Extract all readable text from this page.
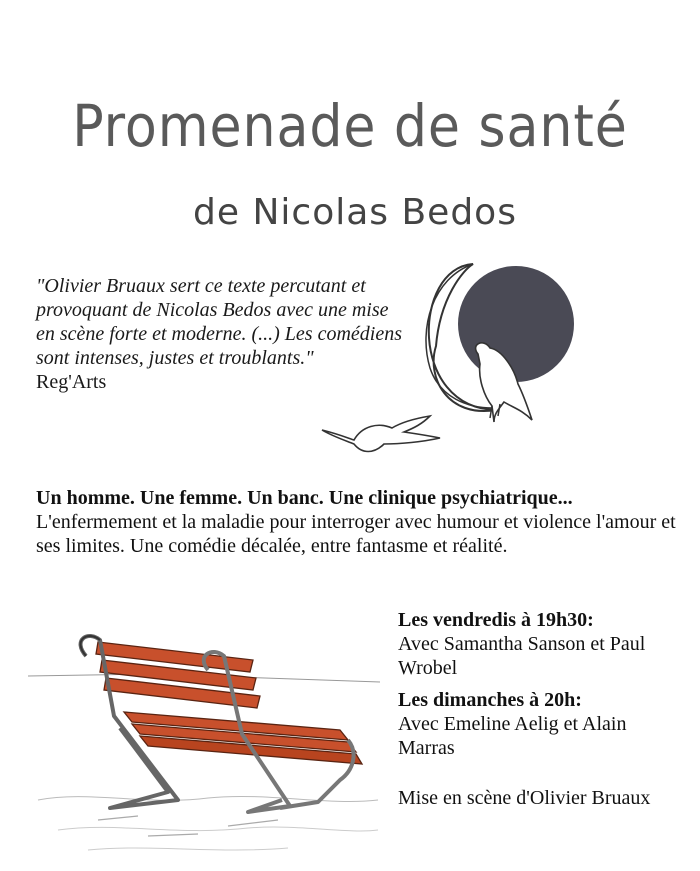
Promenade de santé
de Nicolas Bedos
"Olivier Bruaux sert ce texte percutant et provoquant de Nicolas Bedos avec une mise en scène forte et moderne. (...) Les comédiens sont intenses, justes et troublants."
Reg'Arts
Un homme. Une femme. Un banc. Une clinique psychiatrique...
L'enfermement et la maladie pour interroger avec humour et violence l'amour et ses limites. Une comédie décalée, entre fantasme et réalité.
Les vendredis à 19h30:
Avec Samantha Sanson et Paul Wrobel
Les dimanches à 20h:
Avec Emeline Aelig et Alain Marras
Mise en scène d'Olivier Bruaux
